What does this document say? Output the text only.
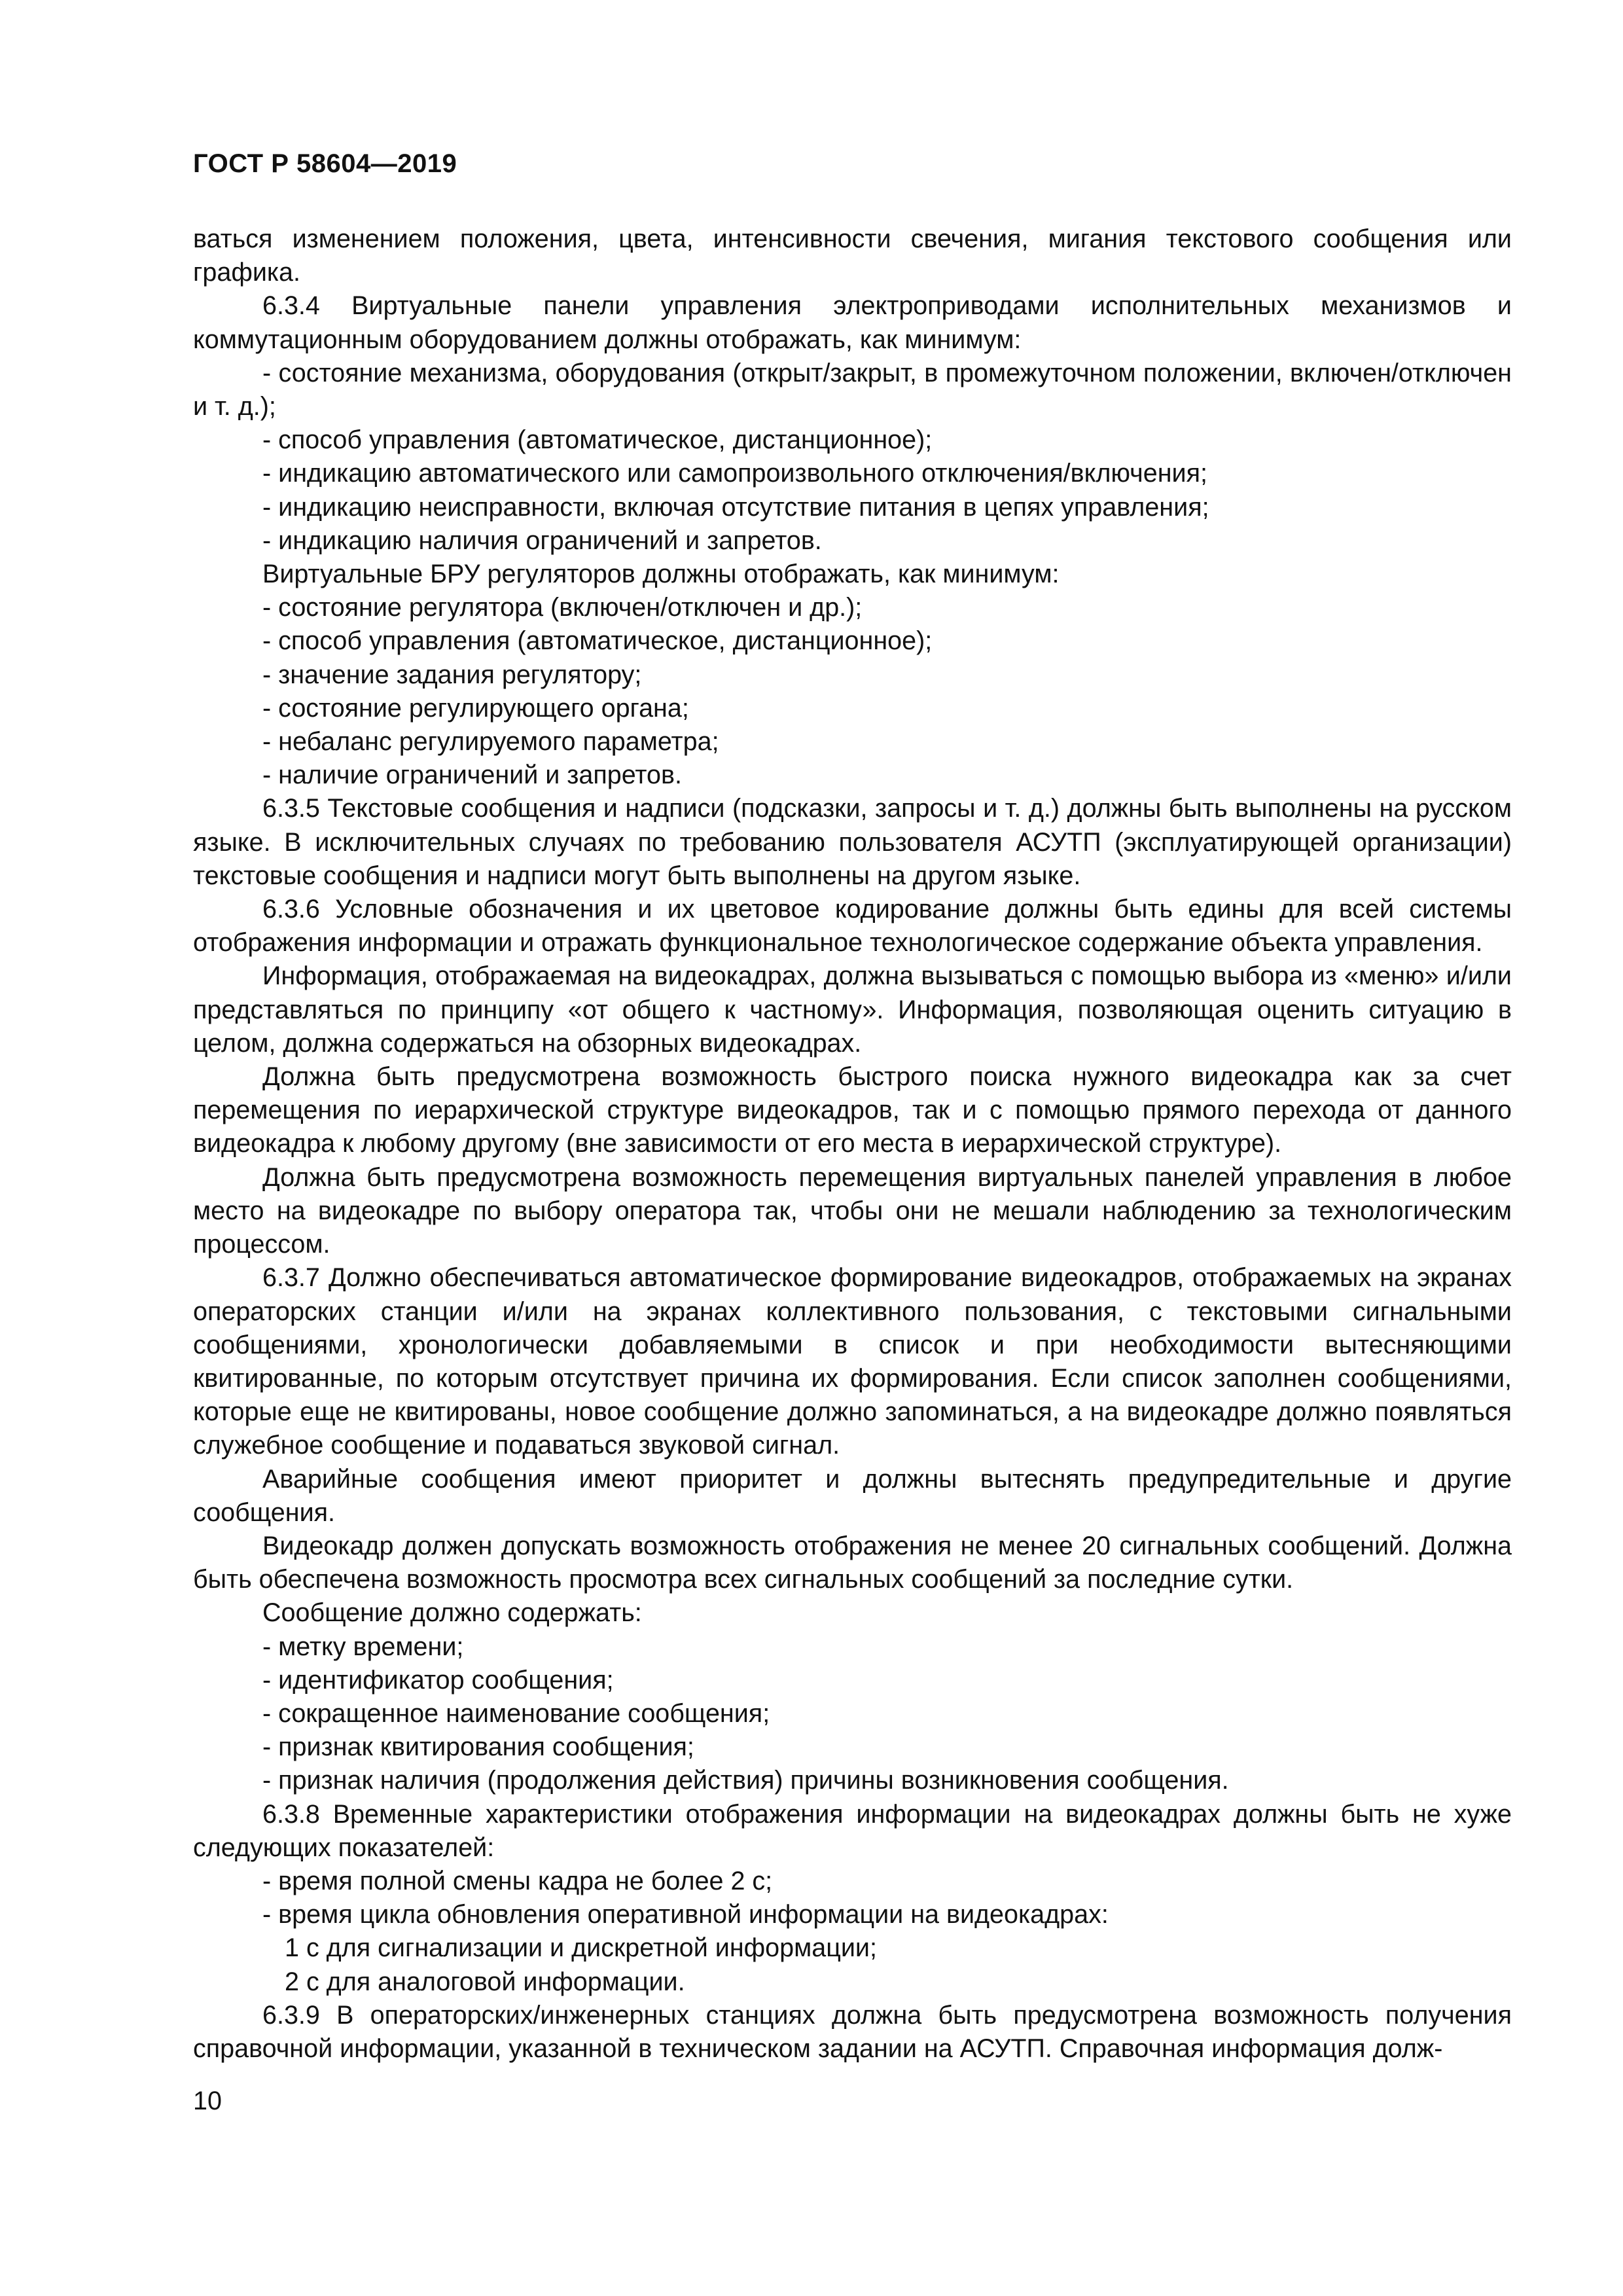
ГОСТ Р 58604—2019

ваться изменением положения, цвета, интенсивности свечения, мигания текстового сообщения или графика.

6.3.4 Виртуальные панели управления электроприводами исполнительных механизмов и коммутационным оборудованием должны отображать, как минимум:

- состояние механизма, оборудования (открыт/закрыт, в промежуточном положении, включен/отключен и т. д.);

- способ управления (автоматическое, дистанционное);

- индикацию автоматического или самопроизвольного отключения/включения;

- индикацию неисправности, включая отсутствие питания в цепях управления;

- индикацию наличия ограничений и запретов.

Виртуальные БРУ регуляторов должны отображать, как минимум:

- состояние регулятора (включен/отключен и др.);

- способ управления (автоматическое, дистанционное);

- значение задания регулятору;

- состояние регулирующего органа;

- небаланс регулируемого параметра;

- наличие ограничений и запретов.

6.3.5 Текстовые сообщения и надписи (подсказки, запросы и т. д.) должны быть выполнены на русском языке. В исключительных случаях по требованию пользователя АСУТП (эксплуатирующей организации) текстовые сообщения и надписи могут быть выполнены на другом языке.

6.3.6 Условные обозначения и их цветовое кодирование должны быть едины для всей системы отображения информации и отражать функциональное технологическое содержание объекта управления.

Информация, отображаемая на видеокадрах, должна вызываться с помощью выбора из «меню» и/или представляться по принципу «от общего к частному». Информация, позволяющая оценить ситуацию в целом, должна содержаться на обзорных видеокадрах.

Должна быть предусмотрена возможность быстрого поиска нужного видеокадра как за счет перемещения по иерархической структуре видеокадров, так и с помощью прямого перехода от данного видеокадра к любому другому (вне зависимости от его места в иерархической структуре).

Должна быть предусмотрена возможность перемещения виртуальных панелей управления в любое место на видеокадре по выбору оператора так, чтобы они не мешали наблюдению за технологическим процессом.

6.3.7 Должно обеспечиваться автоматическое формирование видеокадров, отображаемых на экранах операторских станции и/или на экранах коллективного пользования, с текстовыми сигнальными сообщениями, хронологически добавляемыми в список и при необходимости вытесняющими квитированные, по которым отсутствует причина их формирования. Если список заполнен сообщениями, которые еще не квитированы, новое сообщение должно запоминаться, а на видеокадре должно появляться служебное сообщение и подаваться звуковой сигнал.

Аварийные сообщения имеют приоритет и должны вытеснять предупредительные и другие сообщения.

Видеокадр должен допускать возможность отображения не менее 20 сигнальных сообщений. Должна быть обеспечена возможность просмотра всех сигнальных сообщений за последние сутки.

Сообщение должно содержать:

- метку времени;

- идентификатор сообщения;

- сокращенное наименование сообщения;

- признак квитирования сообщения;

- признак наличия (продолжения действия) причины возникновения сообщения.

6.3.8 Временные характеристики отображения информации на видеокадрах должны быть не хуже следующих показателей:

- время полной смены кадра не более 2 с;

- время цикла обновления оперативной информации на видеокадрах:

1 с для сигнализации и дискретной информации;

2 с для аналоговой информации.

6.3.9 В операторских/инженерных станциях должна быть предусмотрена возможность получения справочной информации, указанной в техническом задании на АСУТП. Справочная информация долж-

10
